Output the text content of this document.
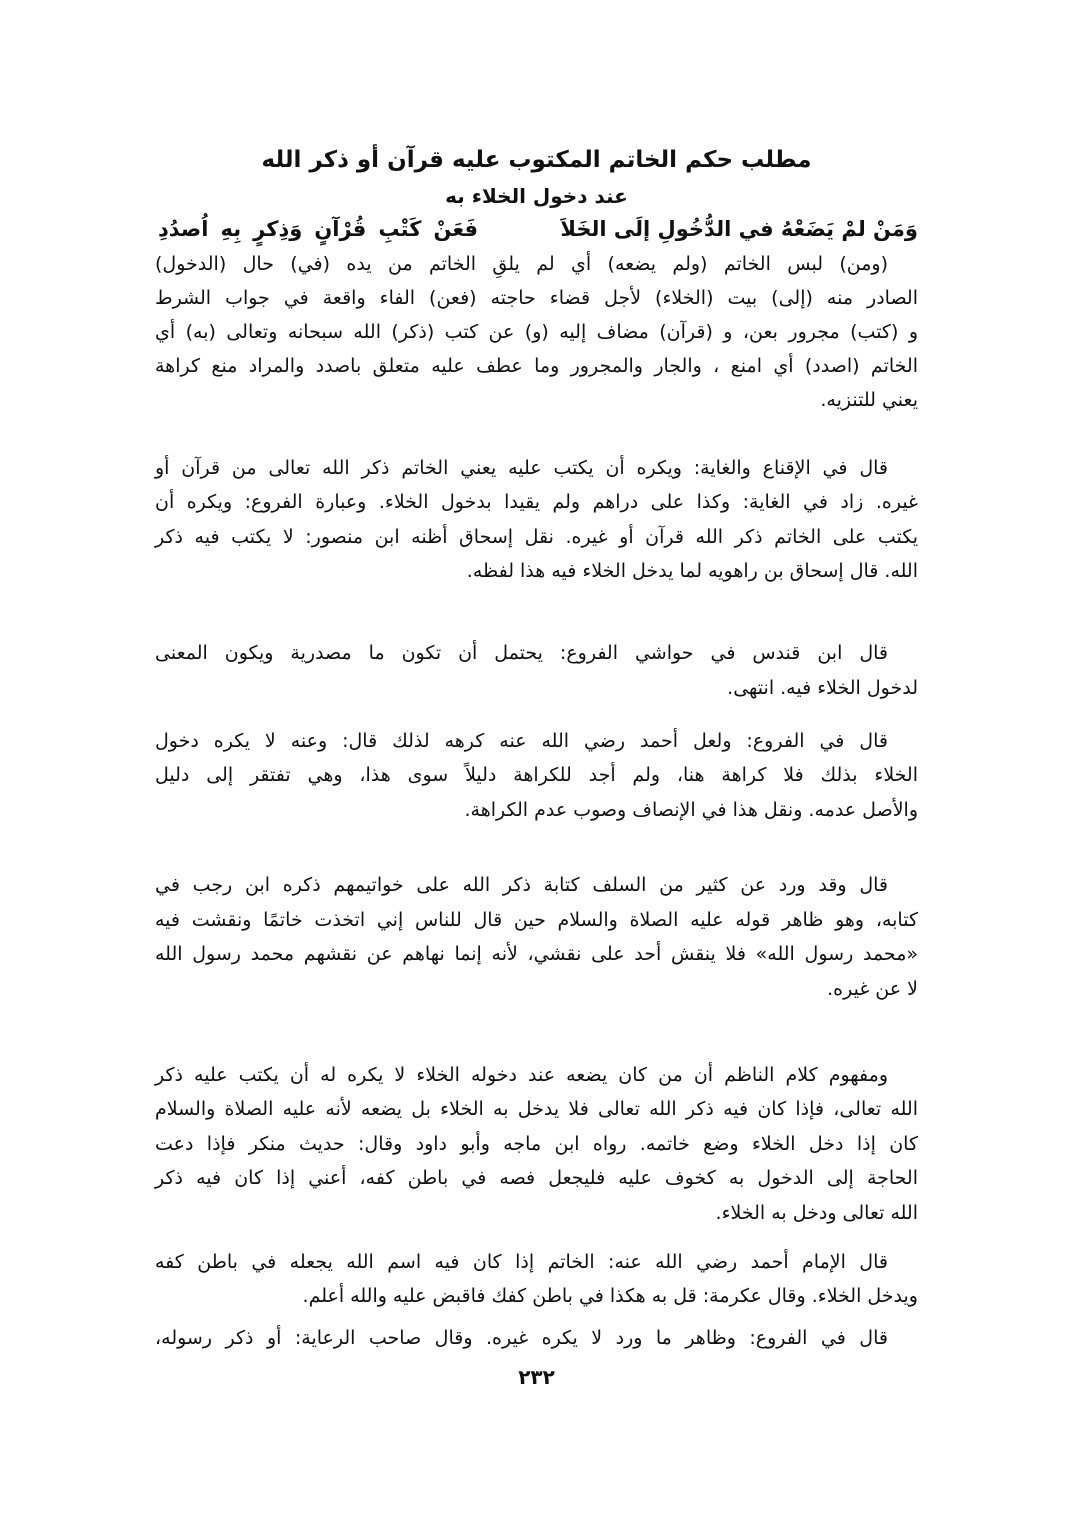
مطلب حكم الخاتم المكتوب عليه قرآن أو ذكر الله
عند دخول الخلاء به
وَمَنْ لمْ يَضَعْهُ في الدُّخُولِ إلَى الخَلاَ
فَعَنْ كَتْبِ قُرْآنٍ وَذِكرٍ بِهِ اُصدُدِ
(ومن) لبس الخاتم (ولم يضعه) أي لم يلقِ الخاتم من يده (في) حال (الدخول)
الصادر منه (إلى) بيت (الخلاء) لأجل قضاء حاجته (فعن) الفاء واقعة في جواب الشرط
و (كتب) مجرور بعن، و (قرآن) مضاف إليه (و) عن كتب (ذكر) الله سبحانه وتعالى (به) أي
الخاتم (اصدد) أي امنع ، والجار والمجرور وما عطف عليه متعلق باصدد والمراد منع كراهة
يعني للتنزيه.
قال في الإقناع والغاية: ويكره أن يكتب عليه يعني الخاتم ذكر الله تعالى من قرآن أو
غيره. زاد في الغاية: وكذا على دراهم ولم يقيدا بدخول الخلاء. وعبارة الفروع: ويكره أن
يكتب على الخاتم ذكر الله قرآن أو غيره. نقل إسحاق أظنه ابن منصور: لا يكتب فيه ذكر
الله. قال إسحاق بن راهويه لما يدخل الخلاء فيه هذا لفظه.
قال ابن قندس في حواشي الفروع: يحتمل أن تكون ما مصدرية ويكون المعنى
لدخول الخلاء فيه. انتهى.
قال في الفروع: ولعل أحمد رضي الله عنه كرهه لذلك قال: وعنه لا يكره دخول
الخلاء بذلك فلا كراهة هنا، ولم أجد للكراهة دليلاً سوى هذا، وهي تفتقر إلى دليل
والأصل عدمه. ونقل هذا في الإنصاف وصوب عدم الكراهة.
قال وقد ورد عن كثير من السلف كتابة ذكر الله على خواتيمهم ذكره ابن رجب في
كتابه، وهو ظاهر قوله عليه الصلاة والسلام حين قال للناس إني اتخذت خاتمًا ونقشت فيه
«محمد رسول الله» فلا ينقش أحد على نقشي، لأنه إنما نهاهم عن نقشهم محمد رسول الله
لا عن غيره.
ومفهوم كلام الناظم أن من كان يضعه عند دخوله الخلاء لا يكره له أن يكتب عليه ذكر
الله تعالى، فإذا كان فيه ذكر الله تعالى فلا يدخل به الخلاء بل يضعه لأنه عليه الصلاة والسلام
كان إذا دخل الخلاء وضع خاتمه. رواه ابن ماجه وأبو داود وقال: حديث منكر فإذا دعت
الحاجة إلى الدخول به كخوف عليه فليجعل فصه في باطن كفه، أعني إذا كان فيه ذكر
الله تعالى ودخل به الخلاء.
قال الإمام أحمد رضي الله عنه: الخاتم إذا كان فيه اسم الله يجعله في باطن كفه
ويدخل الخلاء. وقال عكرمة: قل به هكذا في باطن كفك فاقبض عليه والله أعلم.
قال في الفروع: وظاهر ما ورد لا يكره غيره. وقال صاحب الرعاية: أو ذكر رسوله،
٢٣٢
